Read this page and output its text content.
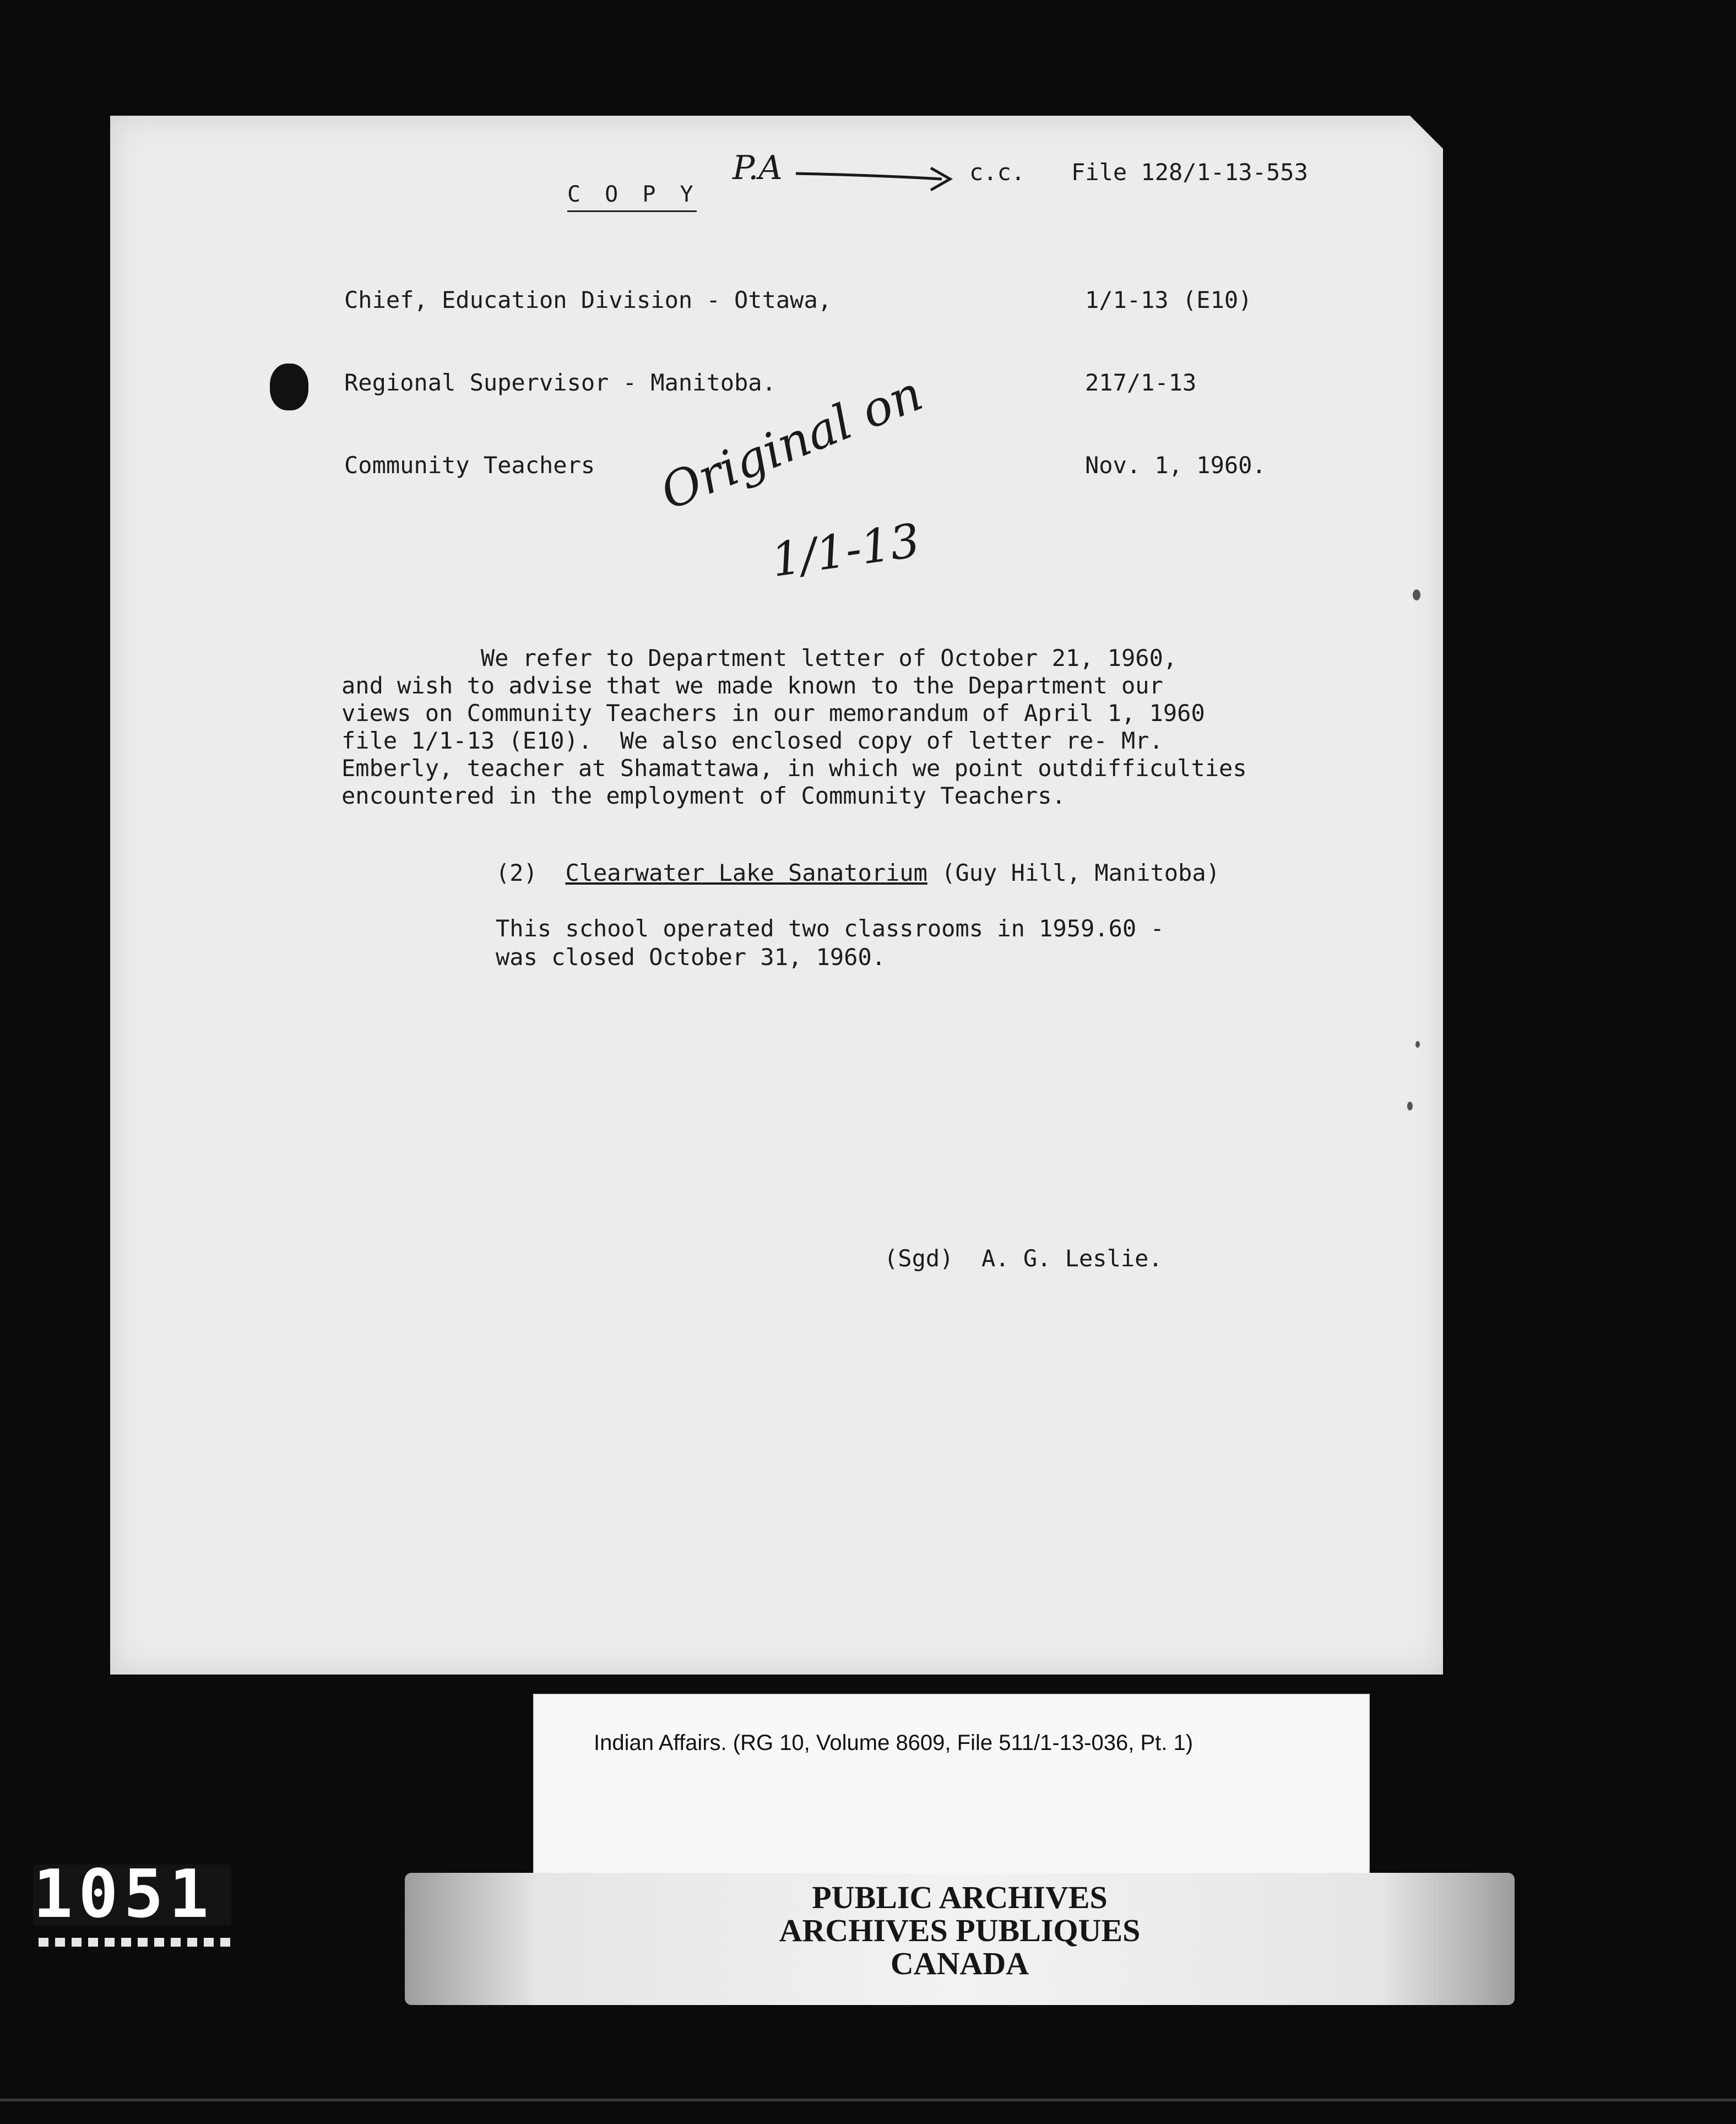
C O P Y
P.A	c.c. File 128/1-13-553
Chief, Education Division - Ottawa,	1/1-13 (E10)
Regional Supervisor - Manitoba.	217/1-13
Community Teachers	Nov. 1, 1960.
Original on
1/1-13
We refer to Department letter of October 21, 1960,
and wish to advise that we made known to the Department our
views on Community Teachers in our memorandum of April 1, 1960
file 1/1-13 (E10).  We also enclosed copy of letter re- Mr.
Emberly, teacher at Shamattawa, in which we point outdifficulties
encountered in the employment of Community Teachers.
(2) Clearwater Lake Sanatorium (Guy Hill, Manitoba)
This school operated two classrooms in 1959.60 -
was closed October 31, 1960.
(Sgd)  A. G. Leslie.
Indian Affairs. (RG 10, Volume 8609, File 511/1-13-036, Pt. 1)
PUBLIC ARCHIVES
ARCHIVES PUBLIQUES
CANADA
1051
